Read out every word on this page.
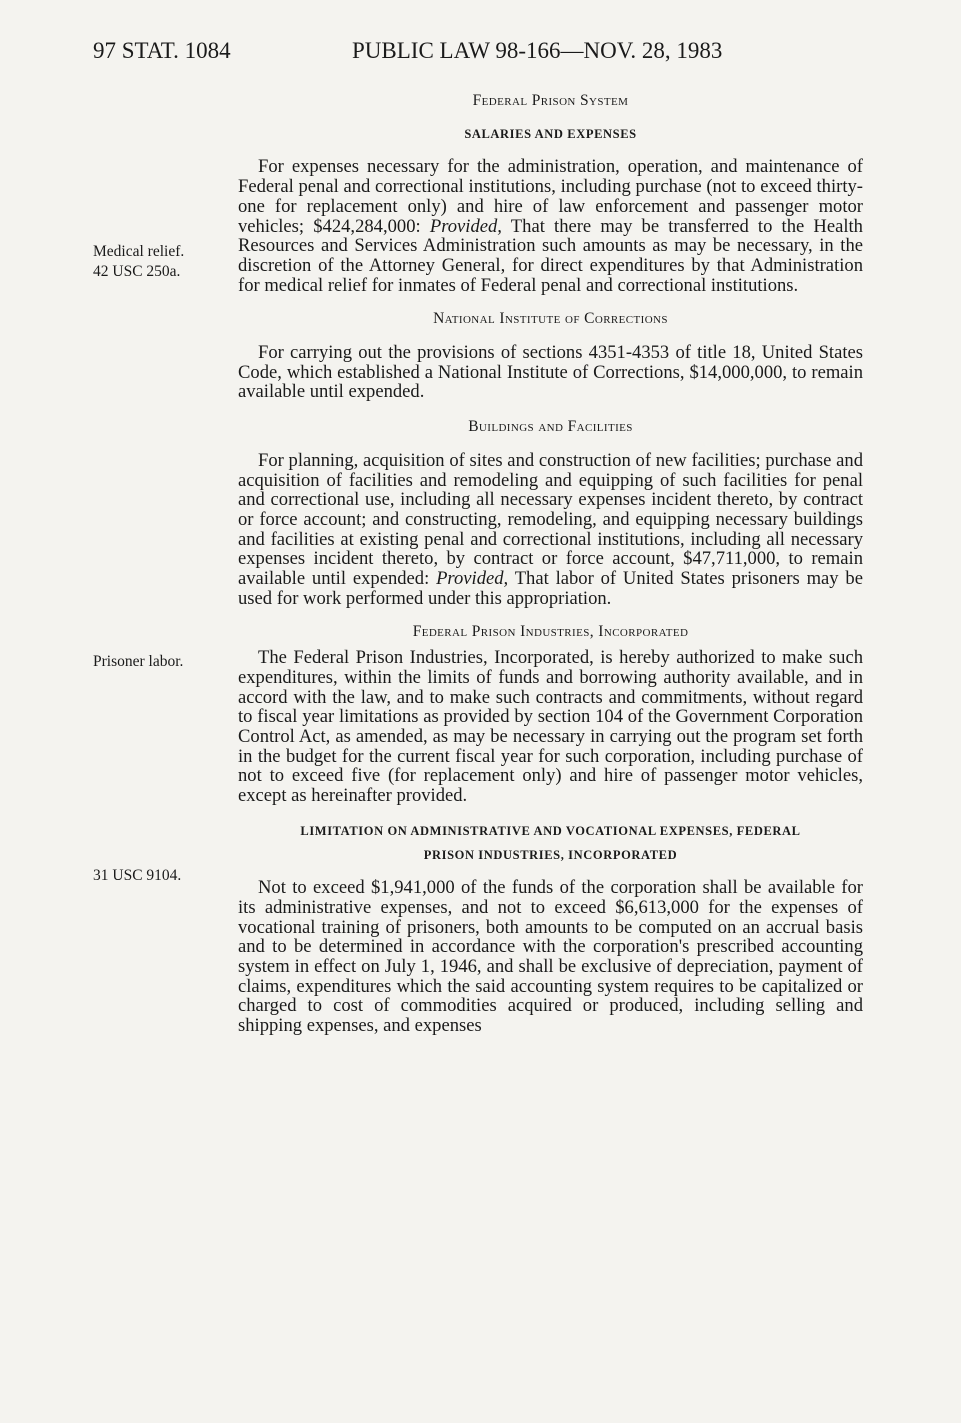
97 STAT. 1084	PUBLIC LAW 98-166—NOV. 28, 1983
Medical relief.
42 USC 250a.
Prisoner labor.
31 USC 9104.

Federal Prison System

SALARIES AND EXPENSES

For expenses necessary for the administration, operation, and maintenance of Federal penal and correctional institutions, including purchase (not to exceed thirty-one for replacement only) and hire of law enforcement and passenger motor vehicles; $424,284,000: Provided, That there may be transferred to the Health Resources and Services Administration such amounts as may be necessary, in the discretion of the Attorney General, for direct expenditures by that Administration for medical relief for inmates of Federal penal and correctional institutions.

National Institute of Corrections

For carrying out the provisions of sections 4351-4353 of title 18, United States Code, which established a National Institute of Corrections, $14,000,000, to remain available until expended.

Buildings and Facilities

For planning, acquisition of sites and construction of new facilities; purchase and acquisition of facilities and remodeling and equipping of such facilities for penal and correctional use, including all necessary expenses incident thereto, by contract or force account; and constructing, remodeling, and equipping necessary buildings and facilities at existing penal and correctional institutions, including all necessary expenses incident thereto, by contract or force account, $47,711,000, to remain available until expended: Provided, That labor of United States prisoners may be used for work performed under this appropriation.

Federal Prison Industries, Incorporated

The Federal Prison Industries, Incorporated, is hereby authorized to make such expenditures, within the limits of funds and borrowing authority available, and in accord with the law, and to make such contracts and commitments, without regard to fiscal year limitations as provided by section 104 of the Government Corporation Control Act, as amended, as may be necessary in carrying out the program set forth in the budget for the current fiscal year for such corporation, including purchase of not to exceed five (for replacement only) and hire of passenger motor vehicles, except as hereinafter provided.

LIMITATION ON ADMINISTRATIVE AND VOCATIONAL EXPENSES, FEDERAL

PRISON INDUSTRIES, INCORPORATED

Not to exceed $1,941,000 of the funds of the corporation shall be available for its administrative expenses, and not to exceed $6,613,000 for the expenses of vocational training of prisoners, both amounts to be computed on an accrual basis and to be determined in accordance with the corporation's prescribed accounting system in effect on July 1, 1946, and shall be exclusive of depreciation, payment of claims, expenditures which the said accounting system requires to be capitalized or charged to cost of commodities acquired or produced, including selling and shipping expenses, and expenses
